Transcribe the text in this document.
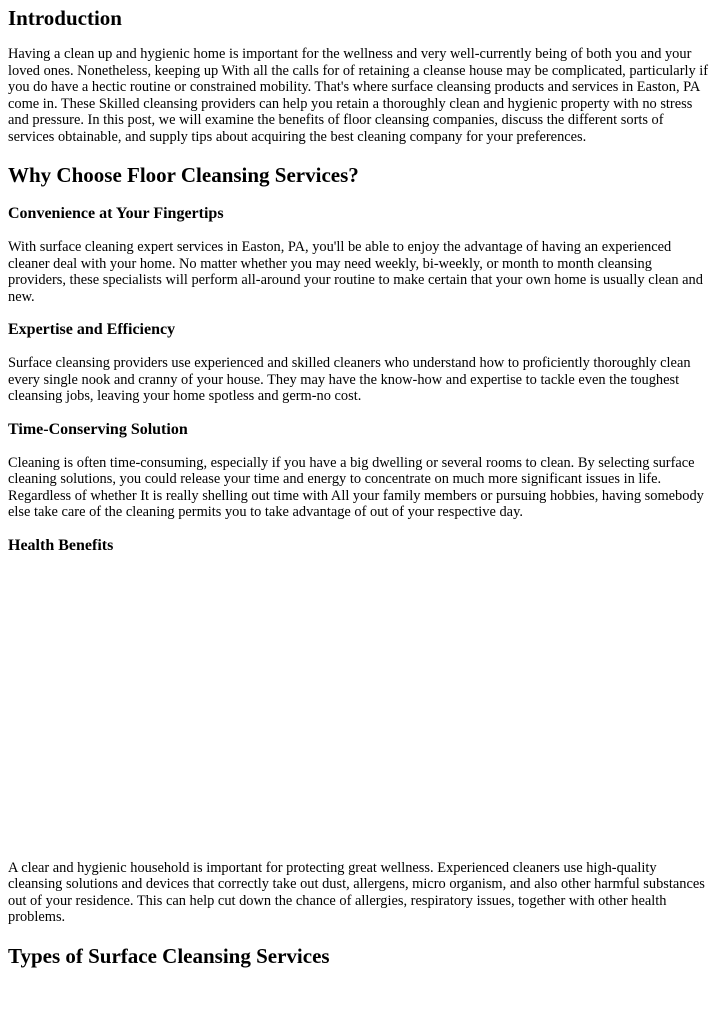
Introduction

Having a clean up and hygienic home is important for the wellness and very well-currently being of both you and your loved ones. Nonetheless, keeping up With all the calls for of retaining a cleanse house may be complicated, particularly if you do have a hectic routine or constrained mobility. That's where surface cleansing products and services in Easton, PA come in. These Skilled cleansing providers can help you retain a thoroughly clean and hygienic property with no stress and pressure. In this post, we will examine the benefits of floor cleansing companies, discuss the different sorts of services obtainable, and supply tips about acquiring the best cleaning company for your preferences.

Why Choose Floor Cleansing Services?
Convenience at Your Fingertips

With surface cleaning expert services in Easton, PA, you'll be able to enjoy the advantage of having an experienced cleaner deal with your home. No matter whether you may need weekly, bi-weekly, or month to month cleansing providers, these specialists will perform all-around your routine to make certain that your own home is usually clean and new.

Expertise and Efficiency

Surface cleansing providers use experienced and skilled cleaners who understand how to proficiently thoroughly clean every single nook and cranny of your house. They may have the know-how and expertise to tackle even the toughest cleansing jobs, leaving your home spotless and germ-no cost.

Time-Conserving Solution

Cleaning is often time-consuming, especially if you have a big dwelling or several rooms to clean. By selecting surface cleaning solutions, you could release your time and energy to concentrate on much more significant issues in life. Regardless of whether It is really shelling out time with All your family members or pursuing hobbies, having somebody else take care of the cleaning permits you to take advantage of out of your respective day.

Health Benefits

A clear and hygienic household is important for protecting great wellness. Experienced cleaners use high-quality cleansing solutions and devices that correctly take out dust, allergens, micro organism, and also other harmful substances out of your residence. This can help cut down the chance of allergies, respiratory issues, together with other health problems.

Types of Surface Cleansing Services
